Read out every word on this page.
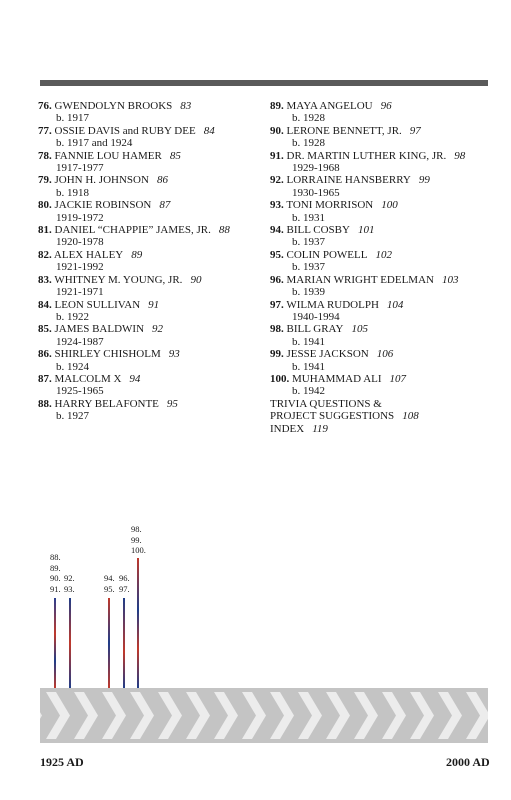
76. GWENDOLYN BROOKS 83
b. 1917
77. OSSIE DAVIS and RUBY DEE 84
b. 1917 and 1924
78. FANNIE LOU HAMER 85
1917-1977
79. JOHN H. JOHNSON 86
b. 1918
80. JACKIE ROBINSON 87
1919-1972
81. DANIEL “CHAPPIE” JAMES, JR. 88
1920-1978
82. ALEX HALEY 89
1921-1992
83. WHITNEY M. YOUNG, JR. 90
1921-1971
84. LEON SULLIVAN 91
b. 1922
85. JAMES BALDWIN 92
1924-1987
86. SHIRLEY CHISHOLM 93
b. 1924
87. MALCOLM X 94
1925-1965
88. HARRY BELAFONTE 95
b. 1927
89. MAYA ANGELOU 96
b. 1928
90. LERONE BENNETT, JR. 97
b. 1928
91. DR. MARTIN LUTHER KING, JR. 98
1929-1968
92. LORRAINE HANSBERRY 99
1930-1965
93. TONI MORRISON 100
b. 1931
94. BILL COSBY 101
b. 1937
95. COLIN POWELL 102
b. 1937
96. MARIAN WRIGHT EDELMAN 103
b. 1939
97. WILMA RUDOLPH 104
1940-1994
98. BILL GRAY 105
b. 1941
99. JESSE JACKSON 106
b. 1941
100. MUHAMMAD ALI 107
b. 1942
TRIVIA QUESTIONS &
PROJECT SUGGESTIONS 108
INDEX 119
88.
89.
90.
91.
92.
93.
94.
95.
96.
97.
98.
99.
100.
1925 AD	2000 AD
